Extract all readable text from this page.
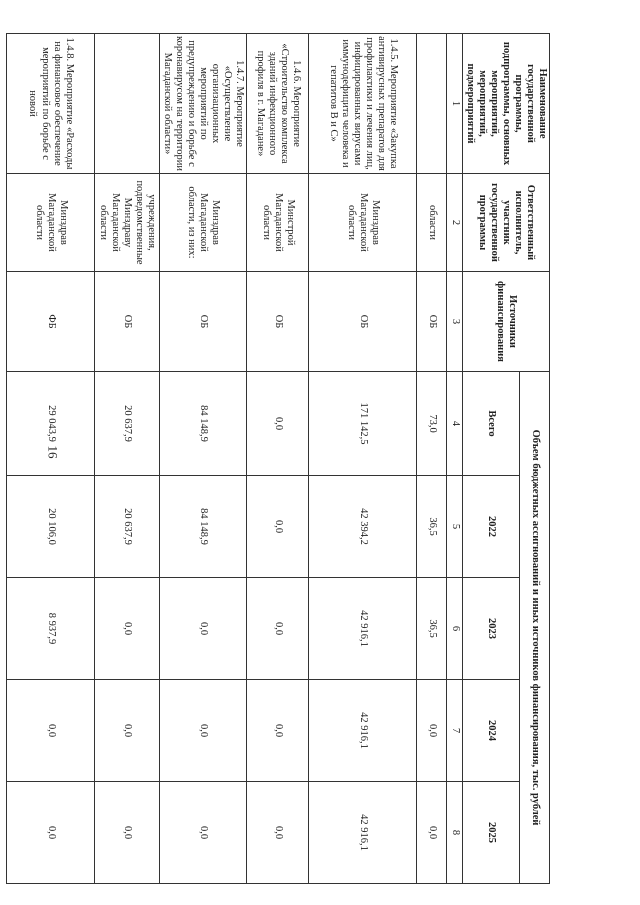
16
Наименование государственной программы, подпрограммы, основных мероприятий, мероприятий, подмероприятий	Ответственный исполнитель, участник государственной программы	Источники финансирования	Объем бюджетных ассигнований и иных источников финансирования, тыс. рублей				
			Всего	2022	2023	2024	2025

1	2	3	4	5	6	7	8
	области	ОБ	73,0	36,5	36,5	0,0	0,0
1.4.5. Мероприятие «Закупка антивирусных препаратов для профилактики и лечения лиц, инфицированных вирусами иммунодефицита человека и гепатитов В и С»	Минздрав Магаданской области	ОБ	171 142,5	42 394,2	42 916,1	42 916,1	42 916,1
1.4.6. Мероприятие «Строительство комплекса зданий инфекционного профиля в г. Магадане»	Минстрой Магаданской области	ОБ	0,0	0,0	0,0	0,0	0,0
1.4.7. Мероприятие «Осуществление организационных мероприятий по предупреждению и борьбе с коронавирусом на территории Магаданской области»	Минздрав Магаданской области, из них:	ОБ	84 148,9	84 148,9	0,0	0,0	0,0
	учреждения, подведомственные Минздраву Магаданской области	ОБ	20 637,9	20 637,9	0,0	0,0	0,0
1.4.8. Мероприятие «Расходы на финансовое обеспечение мероприятий по борьбе с новой	Минздрав Магаданской области	ФБ	29 043,9	20 106,0	8 937,9	0,0	0,0
